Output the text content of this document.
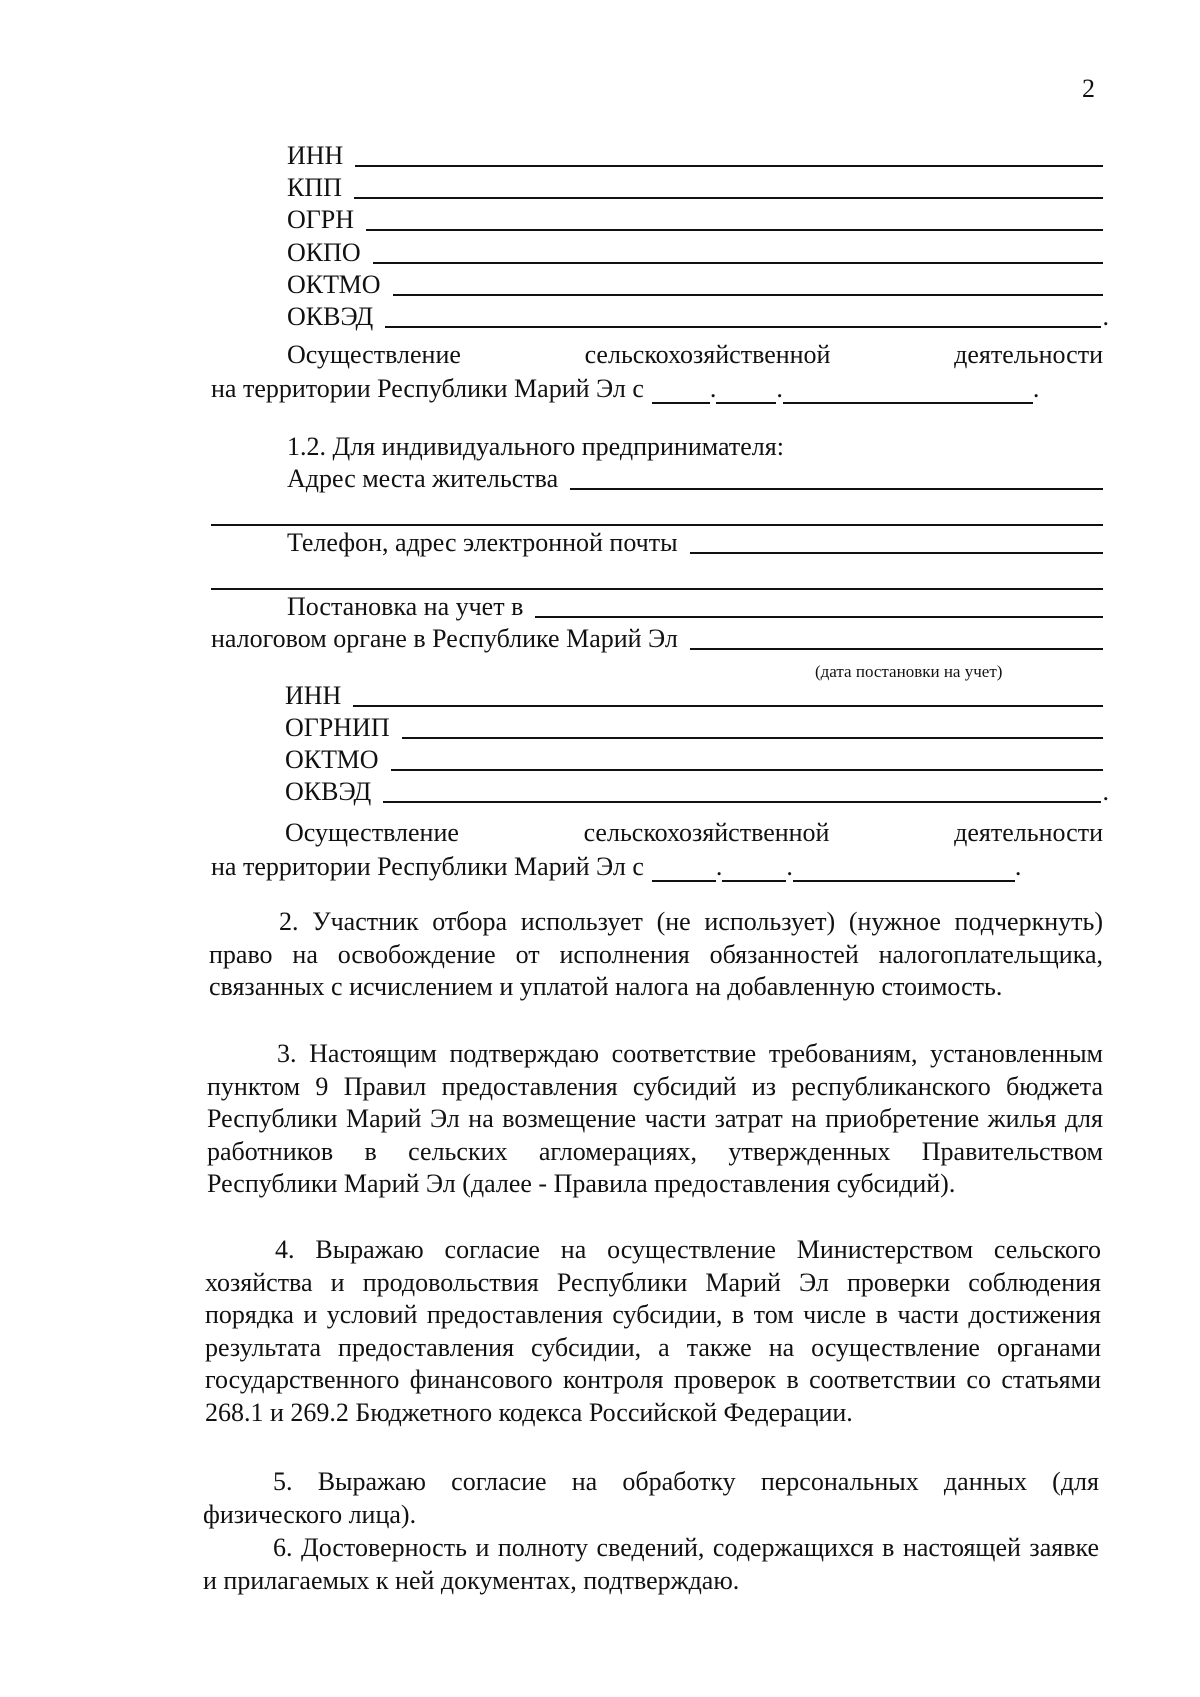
2
ИНН
КПП
ОГРН
ОКПО
ОКТМО
ОКВЭД	.
Осуществление	сельскохозяйственной	деятельности
на территории Республики Марий Эл с	. .	.
1.2. Для индивидуального предпринимателя:
Адрес места жительства
Телефон, адрес электронной почты
Постановка на учет в
налоговом органе в Республике Марий Эл
(дата постановки на учет)
ИНН
ОГРНИП
ОКТМО
ОКВЭД	.
Осуществление	сельскохозяйственной	деятельности
на территории Республики Марий Эл с	. .	.

2. Участник отбора использует (не использует) (нужное подчеркнуть) право на освобождение от исполнения обязанностей налогоплательщика, связанных с исчислением и уплатой налога на добавленную стоимость.

3. Настоящим подтверждаю соответствие требованиям, установленным пунктом 9 Правил предоставления субсидий из республиканского бюджета Республики Марий Эл на возмещение части затрат на приобретение жилья для работников в сельских агломерациях, утвержденных Правительством Республики Марий Эл (далее - Правила предоставления субсидий).

4. Выражаю согласие на осуществление Министерством сельского хозяйства и продовольствия Республики Марий Эл проверки соблюдения порядка и условий предоставления субсидии, в том числе в части достижения результата предоставления субсидии, а также на осуществление органами государственного финансового контроля проверок в соответствии со статьями 268.1 и 269.2 Бюджетного кодекса Российской Федерации.

5. Выражаю согласие на обработку персональных данных (для физического лица).

6. Достоверность и полноту сведений, содержащихся в настоящей заявке и прилагаемых к ней документах, подтверждаю.
